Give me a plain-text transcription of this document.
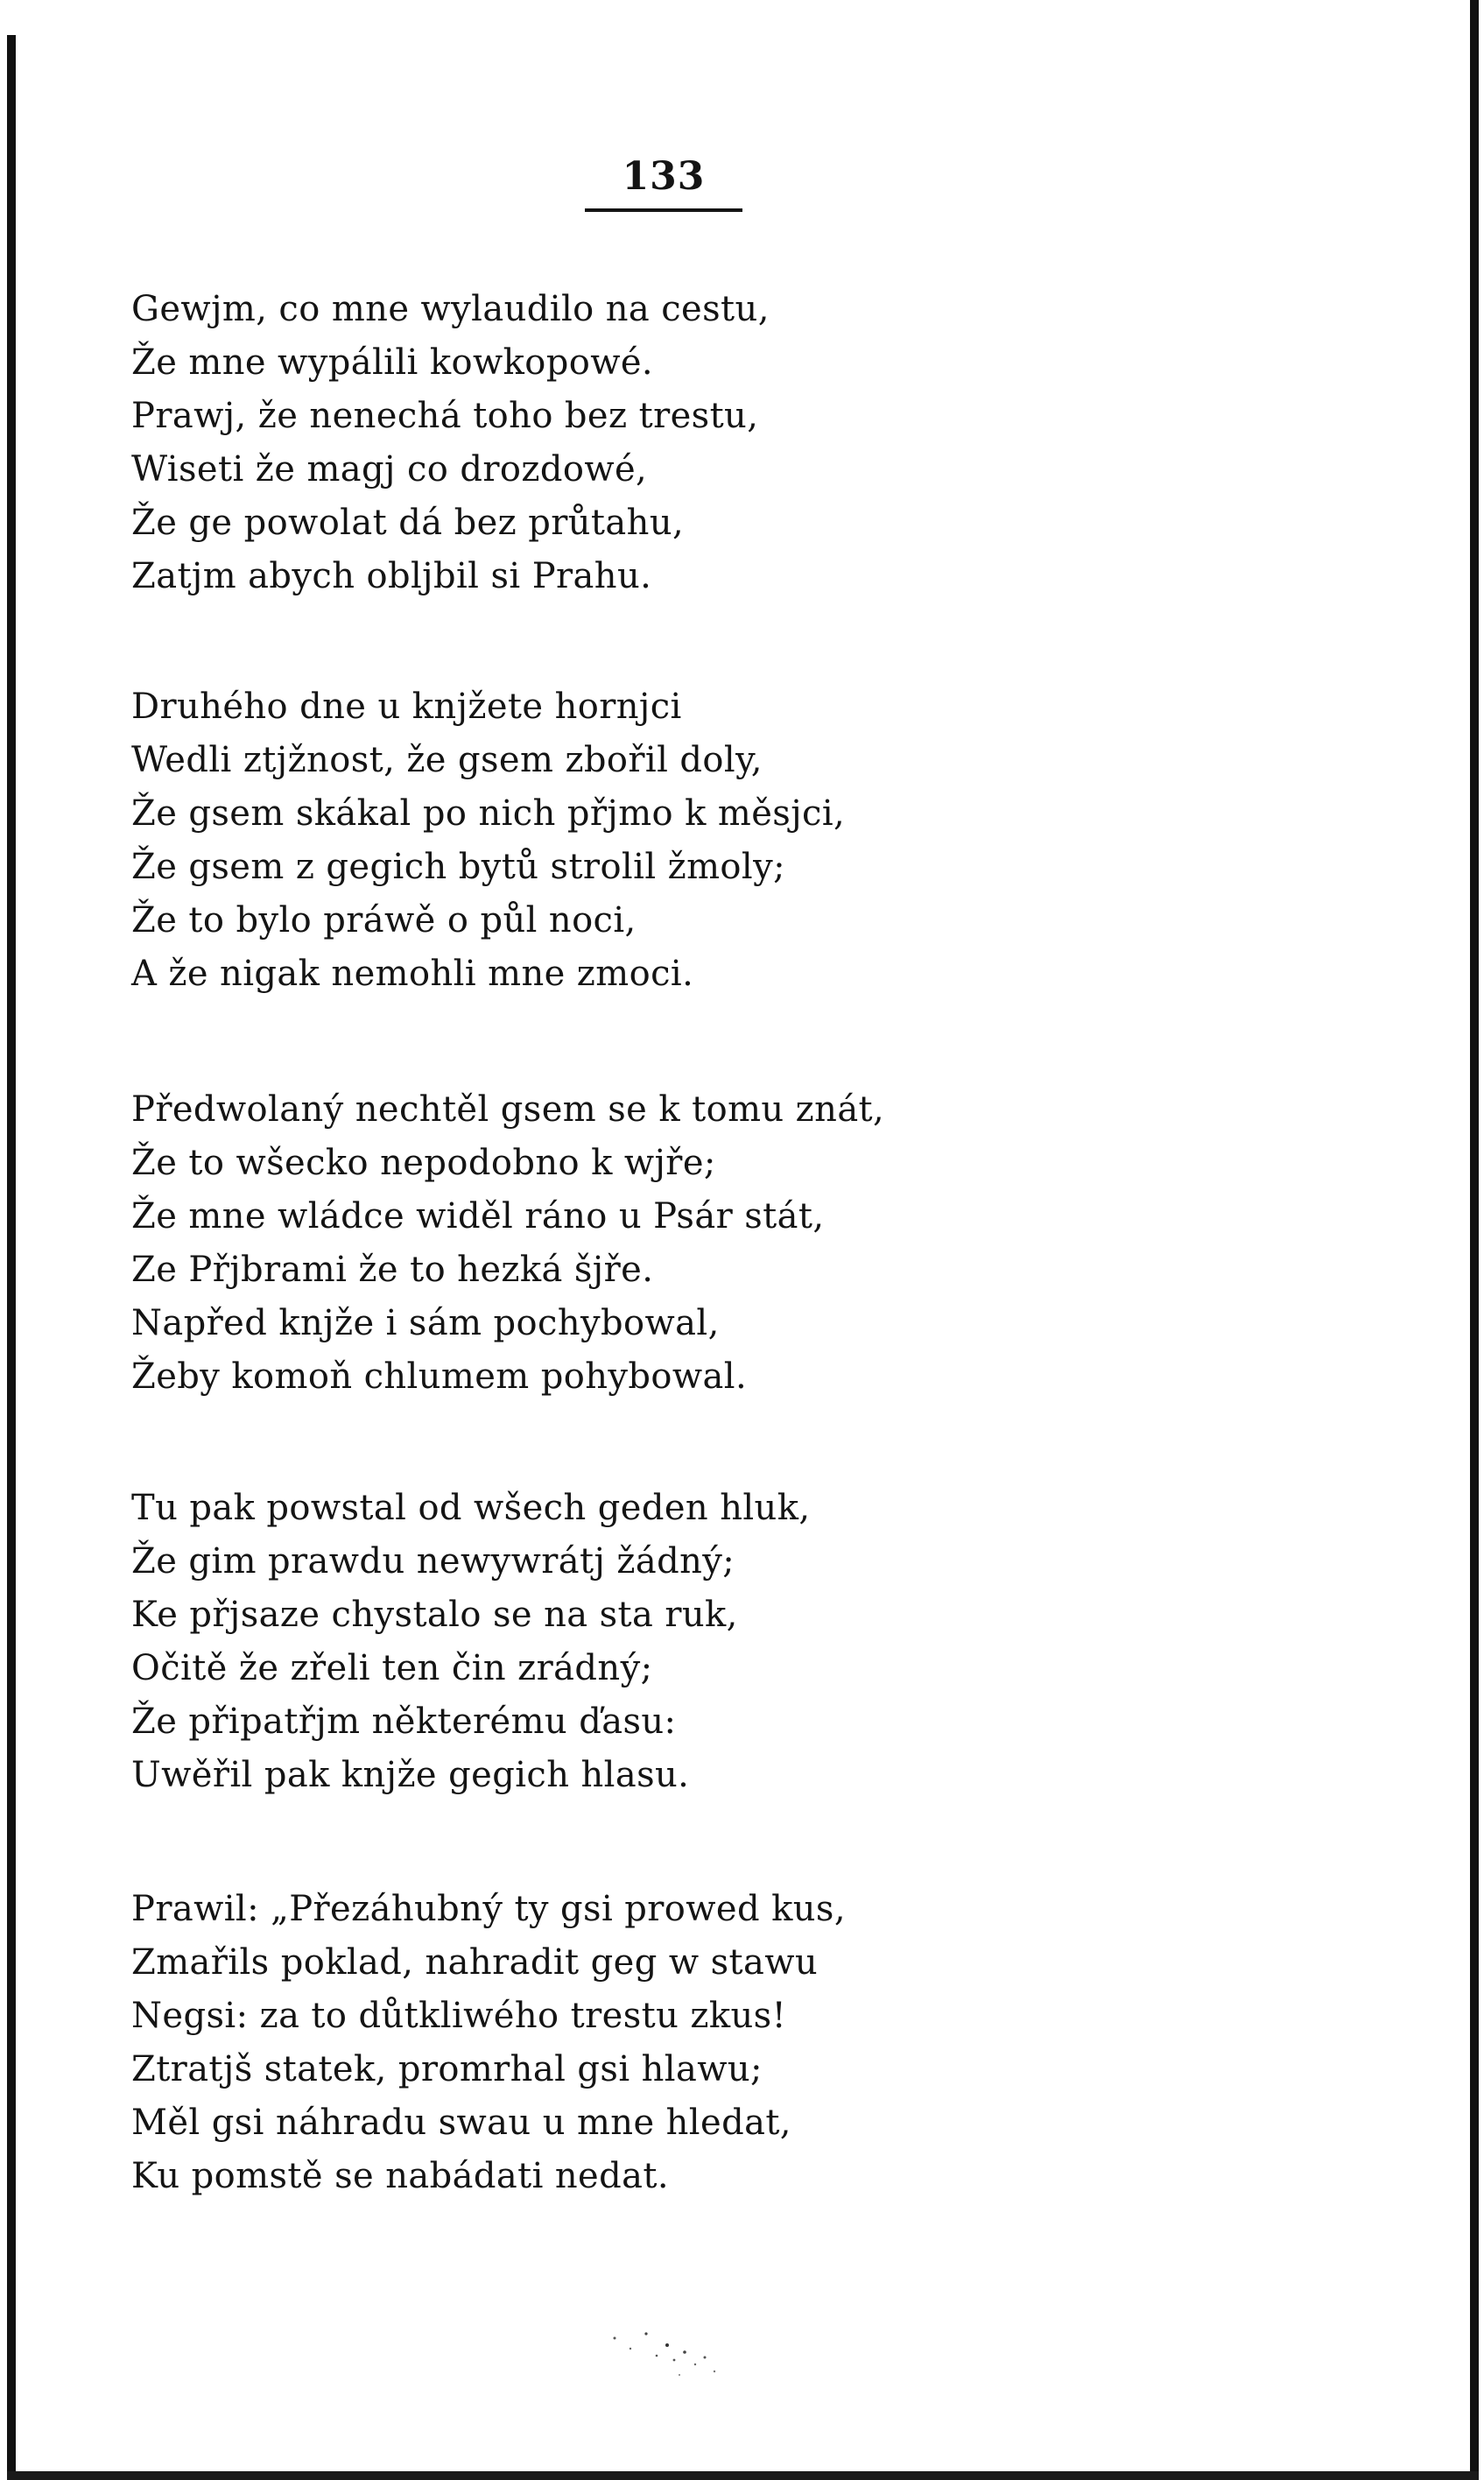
133
Gewjm, co mne wylaudilo na cestu,
Že mne wypálili kowkopowé.
Prawj, že nenechá toho bez trestu,
Wiseti že magj co drozdowé,
Že ge powolat dá bez průtahu,
Zatjm abych obljbil si Prahu.
Druhého dne u knjžete hornjci
Wedli ztjžnost, že gsem zbořil doly,
Že gsem skákal po nich přjmo k měsjci,
Že gsem z gegich bytů strolil žmoly;
Že to bylo práwě o půl noci,
A že nigak nemohli mne zmoci.
Předwolaný nechtěl gsem se k tomu znát,
Že to wšecko nepodobno k wjře;
Že mne wládce widěl ráno u Psár stát,
Ze Přjbrami že to hezká šjře.
Napřed knjže i sám pochybowal,
Žeby komoň chlumem pohybowal.
Tu pak powstal od wšech geden hluk,
Že gim prawdu newywrátj žádný;
Ke přjsaze chystalo se na sta ruk,
Očitě že zřeli ten čin zrádný;
Že připatřjm některému ďasu:
Uwěřil pak knjže gegich hlasu.
Prawil: „Přezáhubný ty gsi prowed kus,
Zmařils poklad, nahradit geg w stawu
Negsi: za to důtkliwého trestu zkus!
Ztratjš statek, promrhal gsi hlawu;
Měl gsi náhradu swau u mne hledat,
Ku pomstě se nabádati nedat.
